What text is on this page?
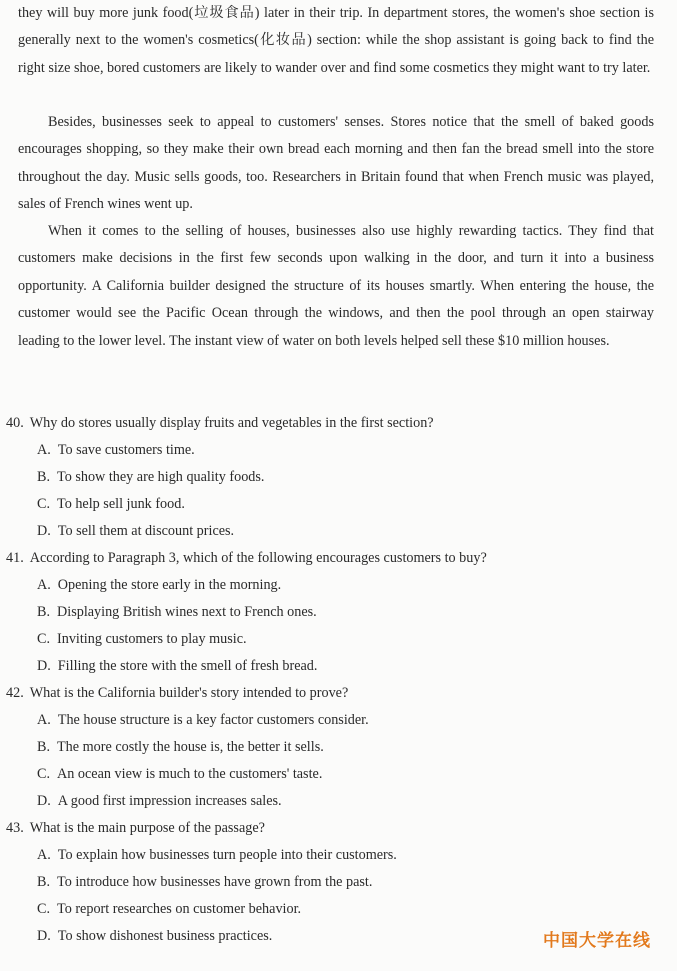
they will buy more junk food(垃圾食品) later in their trip. In department stores, the women's shoe section is generally next to the women's cosmetics(化妆品) section: while the shop assistant is going back to find the right size shoe, bored customers are likely to wander over and find some cosmetics they might want to try later.

Besides, businesses seek to appeal to customers' senses. Stores notice that the smell of baked goods encourages shopping, so they make their own bread each morning and then fan the bread smell into the store throughout the day. Music sells goods, too. Researchers in Britain found that when French music was played, sales of French wines went up.

When it comes to the selling of houses, businesses also use highly rewarding tactics. They find that customers make decisions in the first few seconds upon walking in the door, and turn it into a business opportunity. A California builder designed the structure of its houses smartly. When entering the house, the customer would see the Pacific Ocean through the windows, and then the pool through an open stairway leading to the lower level. The instant view of water on both levels helped sell these $10 million houses.

40. Why do stores usually display fruits and vegetables in the first section?
A. To save customers time.
B. To show they are high quality foods.
C. To help sell junk food.
D. To sell them at discount prices.
41. According to Paragraph 3, which of the following encourages customers to buy?
A. Opening the store early in the morning.
B. Displaying British wines next to French ones.
C. Inviting customers to play music.
D. Filling the store with the smell of fresh bread.
42. What is the California builder's story intended to prove?
A. The house structure is a key factor customers consider.
B. The more costly the house is, the better it sells.
C. An ocean view is much to the customers' taste.
D. A good first impression increases sales.
43. What is the main purpose of the passage?
A. To explain how businesses turn people into their customers.
B. To introduce how businesses have grown from the past.
C. To report researches on customer behavior.
D. To show dishonest business practices.	中国大学在线
